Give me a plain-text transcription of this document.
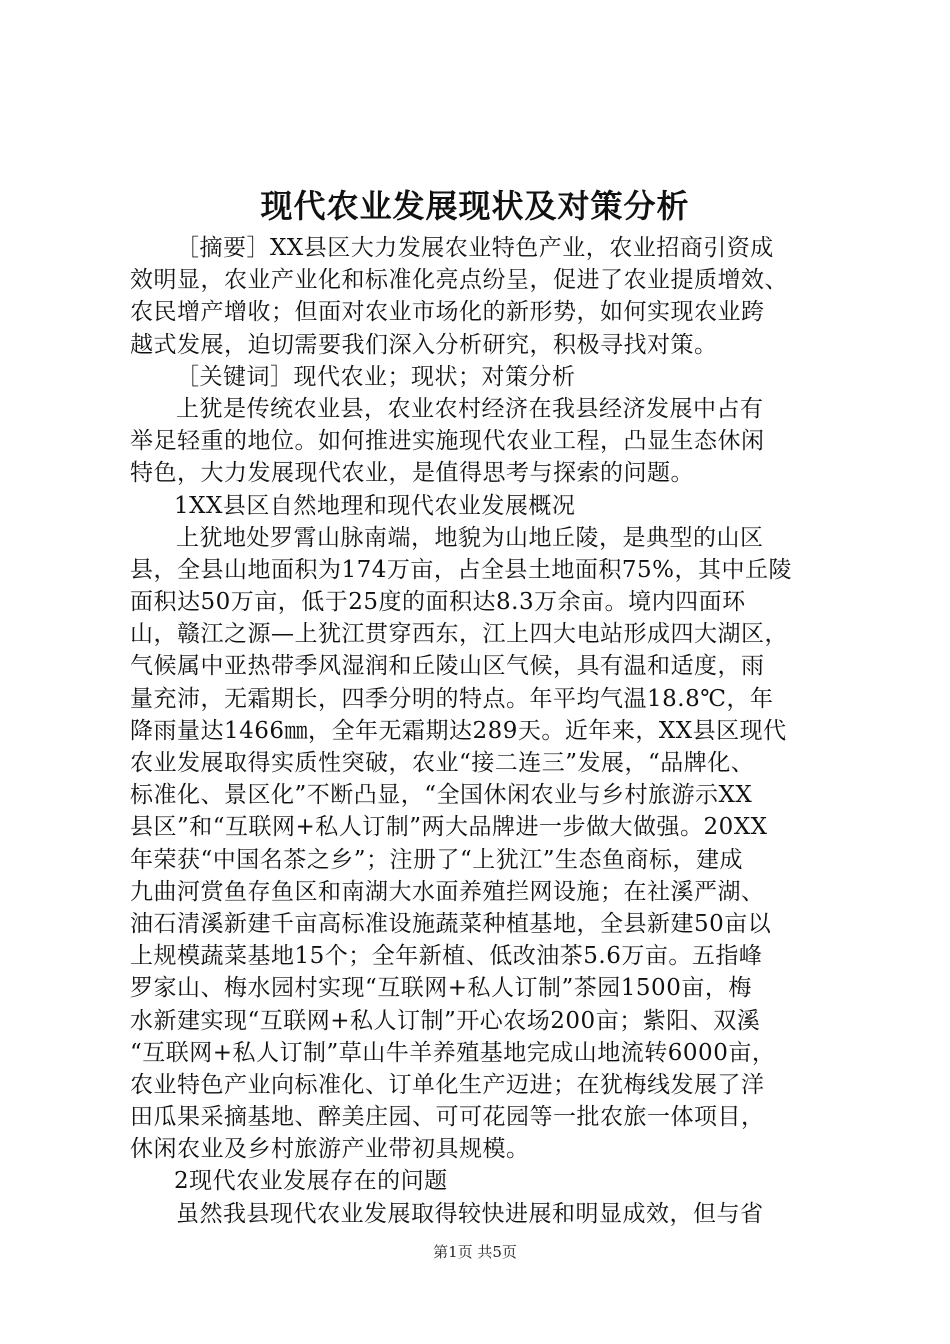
现代农业发展现状及对策分析
［摘要］XX县区大力发展农业特色产业，农业招商引资成
效明显，农业产业化和标准化亮点纷呈，促进了农业提质增效、
农民增产增收；但面对农业市场化的新形势，如何实现农业跨
越式发展，迫切需要我们深入分析研究，积极寻找对策。
［关键词］现代农业；现状；对策分析
上犹是传统农业县，农业农村经济在我县经济发展中占有
举足轻重的地位。如何推进实施现代农业工程，凸显生态休闲
特色，大力发展现代农业，是值得思考与探索的问题。
1XX县区自然地理和现代农业发展概况
上犹地处罗霄山脉南端，地貌为山地丘陵，是典型的山区
县，全县山地面积为174万亩，占全县土地面积75%，其中丘陵
面积达50万亩，低于25度的面积达8.3万余亩。境内四面环
山，赣江之源—上犹江贯穿西东，江上四大电站形成四大湖区，
气候属中亚热带季风湿润和丘陵山区气候，具有温和适度，雨
量充沛，无霜期长，四季分明的特点。年平均气温18.8℃，年
降雨量达1466㎜，全年无霜期达289天。近年来，XX县区现代
农业发展取得实质性突破，农业“接二连三”发展，“品牌化、
标准化、景区化”不断凸显，“全国休闲农业与乡村旅游示XX
县区”和“互联网+私人订制”两大品牌进一步做大做强。20XX
年荣获“中国名茶之乡”；注册了“上犹江”生态鱼商标，建成
九曲河赏鱼存鱼区和南湖大水面养殖拦网设施；在社溪严湖、
油石清溪新建千亩高标准设施蔬菜种植基地，全县新建50亩以
上规模蔬菜基地15个；全年新植、低改油茶5.6万亩。五指峰
罗家山、梅水园村实现“互联网+私人订制”茶园1500亩，梅
水新建实现“互联网+私人订制”开心农场200亩；紫阳、双溪
“互联网+私人订制”草山牛羊养殖基地完成山地流转6000亩，
农业特色产业向标准化、订单化生产迈进；在犹梅线发展了洋
田瓜果采摘基地、醉美庄园、可可花园等一批农旅一体项目，
休闲农业及乡村旅游产业带初具规模。
2现代农业发展存在的问题
虽然我县现代农业发展取得较快进展和明显成效，但与省
第1页 共5页
